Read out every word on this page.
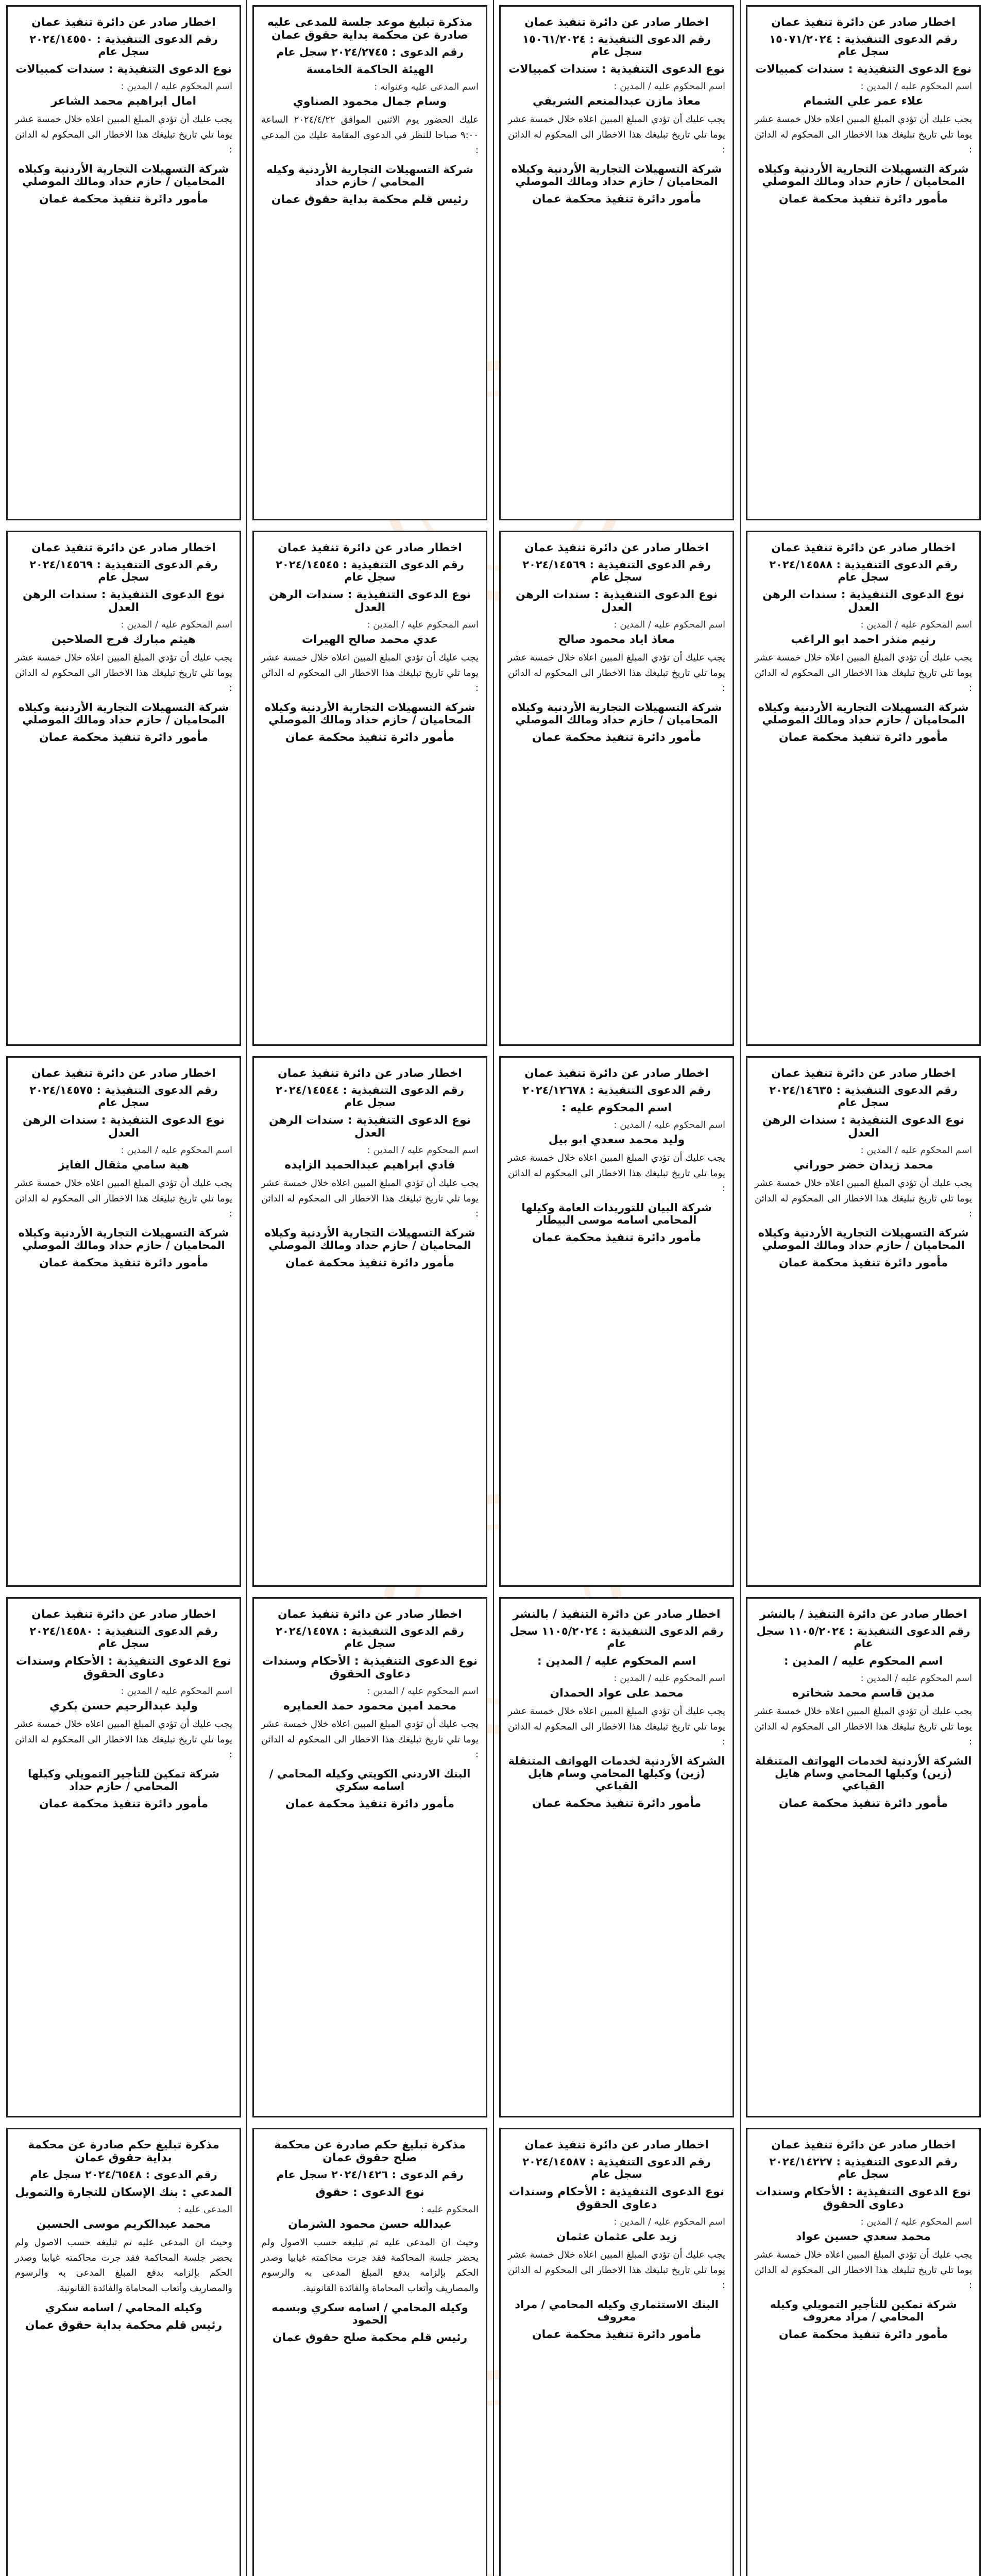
اخطار صادر عن دائرة تنفيذ عمان
رقم الدعوى التنفيذية : ١٥٠٧١/٢٠٢٤ سجل عام
نوع الدعوى التنفيذية : سندات كمبيالات
اسم المحكوم عليه / المدين :
علاء عمر علي الشمام
يجب عليك أن تؤدي المبلغ المبين اعلاه خلال خمسة عشر يوما تلي تاريخ تبليغك هذا الاخطار الى المحكوم له الدائن :
شركة التسهيلات التجارية الأردنية وكيلاه المحاميان / حازم حداد ومالك الموصلي
مأمور دائرة تنفيذ محكمة عمان
اخطار صادر عن دائرة تنفيذ عمان
رقم الدعوى التنفيذية : ١٥٠٦١/٢٠٢٤ سجل عام
نوع الدعوى التنفيذية : سندات كمبيالات
اسم المحكوم عليه / المدين :
معاذ مازن عبدالمنعم الشريفي
يجب عليك أن تؤدي المبلغ المبين اعلاه خلال خمسة عشر يوما تلي تاريخ تبليغك هذا الاخطار الى المحكوم له الدائن :
شركة التسهيلات التجارية الأردنية وكيلاه المحاميان / حازم حداد ومالك الموصلي
مأمور دائرة تنفيذ محكمة عمان
مذكرة تبليغ موعد جلسة للمدعى عليه صادرة عن محكمة بداية حقوق عمان
رقم الدعوى : ٢٠٢٤/٢٧٤٥ سجل عام
الهيئة الحاكمة الخامسة
اسم المدعى عليه وعنوانه :
وسام جمال محمود الصناوي
عليك الحضور يوم الاثنين الموافق ٢٠٢٤/٤/٢٢ الساعة ٩:٠٠ صباحا للنظر في الدعوى المقامة عليك من المدعي :
شركة التسهيلات التجارية الأردنية وكيله المحامي / حازم حداد
رئيس قلم محكمة بداية حقوق عمان
اخطار صادر عن دائرة تنفيذ عمان
رقم الدعوى التنفيذية : ٢٠٢٤/١٤٥٥٠ سجل عام
نوع الدعوى التنفيذية : سندات كمبيالات
اسم المحكوم عليه / المدين :
امال ابراهيم محمد الشاعر
يجب عليك أن تؤدي المبلغ المبين اعلاه خلال خمسة عشر يوما تلي تاريخ تبليغك هذا الاخطار الى المحكوم له الدائن :
شركة التسهيلات التجارية الأردنية وكيلاه المحاميان / حازم حداد ومالك الموصلي
مأمور دائرة تنفيذ محكمة عمان
اخطار صادر عن دائرة تنفيذ عمان
رقم الدعوى التنفيذية : ٢٠٢٤/١٤٥٨٨ سجل عام
نوع الدعوى التنفيذية : سندات الرهن العدل
اسم المحكوم عليه / المدين :
رنيم منذر احمد ابو الراغب
يجب عليك أن تؤدي المبلغ المبين اعلاه خلال خمسة عشر يوما تلي تاريخ تبليغك هذا الاخطار الى المحكوم له الدائن :
شركة التسهيلات التجارية الأردنية وكيلاه المحاميان / حازم حداد ومالك الموصلي
مأمور دائرة تنفيذ محكمة عمان
اخطار صادر عن دائرة تنفيذ عمان
رقم الدعوى التنفيذية : ٢٠٢٤/١٤٥٦٩ سجل عام
نوع الدعوى التنفيذية : سندات الرهن العدل
اسم المحكوم عليه / المدين :
معاذ اياد محمود صالح
يجب عليك أن تؤدي المبلغ المبين اعلاه خلال خمسة عشر يوما تلي تاريخ تبليغك هذا الاخطار الى المحكوم له الدائن :
شركة التسهيلات التجارية الأردنية وكيلاه المحاميان / حازم حداد ومالك الموصلي
مأمور دائرة تنفيذ محكمة عمان
اخطار صادر عن دائرة تنفيذ عمان
رقم الدعوى التنفيذية : ٢٠٢٤/١٤٥٤٥ سجل عام
نوع الدعوى التنفيذية : سندات الرهن العدل
اسم المحكوم عليه / المدين :
عدي محمد صالح الهيرات
يجب عليك أن تؤدي المبلغ المبين اعلاه خلال خمسة عشر يوما تلي تاريخ تبليغك هذا الاخطار الى المحكوم له الدائن :
شركة التسهيلات التجارية الأردنية وكيلاه المحاميان / حازم حداد ومالك الموصلي
مأمور دائرة تنفيذ محكمة عمان
اخطار صادر عن دائرة تنفيذ عمان
رقم الدعوى التنفيذية : ٢٠٢٤/١٤٥٦٩ سجل عام
نوع الدعوى التنفيذية : سندات الرهن العدل
اسم المحكوم عليه / المدين :
هيثم مبارك فرج الصلاحين
يجب عليك أن تؤدي المبلغ المبين اعلاه خلال خمسة عشر يوما تلي تاريخ تبليغك هذا الاخطار الى المحكوم له الدائن :
شركة التسهيلات التجارية الأردنية وكيلاه المحاميان / حازم حداد ومالك الموصلي
مأمور دائرة تنفيذ محكمة عمان
اخطار صادر عن دائرة تنفيذ عمان
رقم الدعوى التنفيذية : ٢٠٢٤/١٤٦٣٥ سجل عام
نوع الدعوى التنفيذية : سندات الرهن العدل
اسم المحكوم عليه / المدين :
محمد زيدان خضر حوراني
يجب عليك أن تؤدي المبلغ المبين اعلاه خلال خمسة عشر يوما تلي تاريخ تبليغك هذا الاخطار الى المحكوم له الدائن :
شركة التسهيلات التجارية الأردنية وكيلاه المحاميان / حازم حداد ومالك الموصلي
مأمور دائرة تنفيذ محكمة عمان
اخطار صادر عن دائرة تنفيذ عمان
رقم الدعوى التنفيذية : ٢٠٢٤/١٢٦٧٨
اسم المحكوم عليه :
اسم المحكوم عليه / المدين :
وليد محمد سعدي ابو بيل
يجب عليك أن تؤدي المبلغ المبين اعلاه خلال خمسة عشر يوما تلي تاريخ تبليغك هذا الاخطار الى المحكوم له الدائن :
شركة البيان للتوريدات العامة وكيلها المحامي اسامه موسى البيطار
مأمور دائرة تنفيذ محكمة عمان
اخطار صادر عن دائرة تنفيذ عمان
رقم الدعوى التنفيذية : ٢٠٢٤/١٤٥٤٤ سجل عام
نوع الدعوى التنفيذية : سندات الرهن العدل
اسم المحكوم عليه / المدين :
فادي ابراهيم عبدالحميد الزايده
يجب عليك أن تؤدي المبلغ المبين اعلاه خلال خمسة عشر يوما تلي تاريخ تبليغك هذا الاخطار الى المحكوم له الدائن :
شركة التسهيلات التجارية الأردنية وكيلاه المحاميان / حازم حداد ومالك الموصلي
مأمور دائرة تنفيذ محكمة عمان
اخطار صادر عن دائرة تنفيذ عمان
رقم الدعوى التنفيذية : ٢٠٢٤/١٤٥٧٥ سجل عام
نوع الدعوى التنفيذية : سندات الرهن العدل
اسم المحكوم عليه / المدين :
هبة سامي مثقال الفايز
يجب عليك أن تؤدي المبلغ المبين اعلاه خلال خمسة عشر يوما تلي تاريخ تبليغك هذا الاخطار الى المحكوم له الدائن :
شركة التسهيلات التجارية الأردنية وكيلاه المحاميان / حازم حداد ومالك الموصلي
مأمور دائرة تنفيذ محكمة عمان
اخطار صادر عن دائرة التنفيذ / بالنشر
رقم الدعوى التنفيذية : ١١٠٥/٢٠٢٤ سجل عام
اسم المحكوم عليه / المدين :
اسم المحكوم عليه / المدين :
مدين قاسم محمد شخاتره
يجب عليك أن تؤدي المبلغ المبين اعلاه خلال خمسة عشر يوما تلي تاريخ تبليغك هذا الاخطار الى المحكوم له الدائن :
الشركة الأردنية لخدمات الهواتف المتنقلة (زين) وكيلها المحامي وسام هايل القباعي
مأمور دائرة تنفيذ محكمة عمان
اخطار صادر عن دائرة التنفيذ / بالنشر
رقم الدعوى التنفيذية : ١١٠٥/٢٠٢٤ سجل عام
اسم المحكوم عليه / المدين :
اسم المحكوم عليه / المدين :
محمد على عواد الحمدان
يجب عليك أن تؤدي المبلغ المبين اعلاه خلال خمسة عشر يوما تلي تاريخ تبليغك هذا الاخطار الى المحكوم له الدائن :
الشركة الأردنية لخدمات الهواتف المتنقلة (زين) وكيلها المحامي وسام هايل القباعي
مأمور دائرة تنفيذ محكمة عمان
اخطار صادر عن دائرة تنفيذ عمان
رقم الدعوى التنفيذية : ٢٠٢٤/١٤٥٧٨ سجل عام
نوع الدعوى التنفيذية : الأحكام وسندات دعاوى الحقوق
اسم المحكوم عليه / المدين :
محمد امين محمود حمد العمايره
يجب عليك أن تؤدي المبلغ المبين اعلاه خلال خمسة عشر يوما تلي تاريخ تبليغك هذا الاخطار الى المحكوم له الدائن :
البنك الاردني الكويتي وكيله المحامي / اسامه سكري
مأمور دائرة تنفيذ محكمة عمان
اخطار صادر عن دائرة تنفيذ عمان
رقم الدعوى التنفيذية : ٢٠٢٤/١٤٥٨٠ سجل عام
نوع الدعوى التنفيذية : الأحكام وسندات دعاوى الحقوق
اسم المحكوم عليه / المدين :
وليد عبدالرحيم حسن بكري
يجب عليك أن تؤدي المبلغ المبين اعلاه خلال خمسة عشر يوما تلي تاريخ تبليغك هذا الاخطار الى المحكوم له الدائن :
شركة تمكين للتأجير التمويلي وكيلها المحامي / حازم حداد
مأمور دائرة تنفيذ محكمة عمان
اخطار صادر عن دائرة تنفيذ عمان
رقم الدعوى التنفيذية : ٢٠٢٤/١٤٢٢٧ سجل عام
نوع الدعوى التنفيذية : الأحكام وسندات دعاوى الحقوق
اسم المحكوم عليه / المدين :
محمد سعدي حسين عواد
يجب عليك أن تؤدي المبلغ المبين اعلاه خلال خمسة عشر يوما تلي تاريخ تبليغك هذا الاخطار الى المحكوم له الدائن :
شركة تمكين للتأجير التمويلي وكيله المحامي / مراد معروف
مأمور دائرة تنفيذ محكمة عمان
اخطار صادر عن دائرة تنفيذ عمان
رقم الدعوى التنفيذية : ٢٠٢٤/١٤٥٨٧ سجل عام
نوع الدعوى التنفيذية : الأحكام وسندات دعاوى الحقوق
اسم المحكوم عليه / المدين :
زيد على عثمان عثمان
يجب عليك أن تؤدي المبلغ المبين اعلاه خلال خمسة عشر يوما تلي تاريخ تبليغك هذا الاخطار الى المحكوم له الدائن :
البنك الاستثماري وكيله المحامي / مراد معروف
مأمور دائرة تنفيذ محكمة عمان
مذكرة تبليغ حكم صادرة عن محكمة صلح حقوق عمان
رقم الدعوى : ٢٠٢٤/١٤٢٦ سجل عام
نوع الدعوى : حقوق
المحكوم عليه :
عبدالله حسن محمود الشرمان
وحيث ان المدعى عليه تم تبليغه حسب الاصول ولم يحضر جلسة المحاكمة فقد جرت محاكمته غيابيا وصدر الحكم بإلزامه بدفع المبلغ المدعى به والرسوم والمصاريف وأتعاب المحاماة والفائدة القانونية.
وكيله المحامي / اسامه سكري وبسمه الحمود
رئيس قلم محكمة صلح حقوق عمان
مذكرة تبليغ حكم صادرة عن محكمة بداية حقوق عمان
رقم الدعوى : ٢٠٢٤/٦٥٤٨ سجل عام
المدعي : بنك الإسكان للتجارة والتمويل
المدعى عليه :
محمد عبدالكريم موسى الحسين
وحيث ان المدعى عليه تم تبليغه حسب الاصول ولم يحضر جلسة المحاكمة فقد جرت محاكمته غيابيا وصدر الحكم بإلزامه بدفع المبلغ المدعى به والرسوم والمصاريف وأتعاب المحاماة والفائدة القانونية.
وكيله المحامي / اسامه سكري
رئيس قلم محكمة بداية حقوق عمان
